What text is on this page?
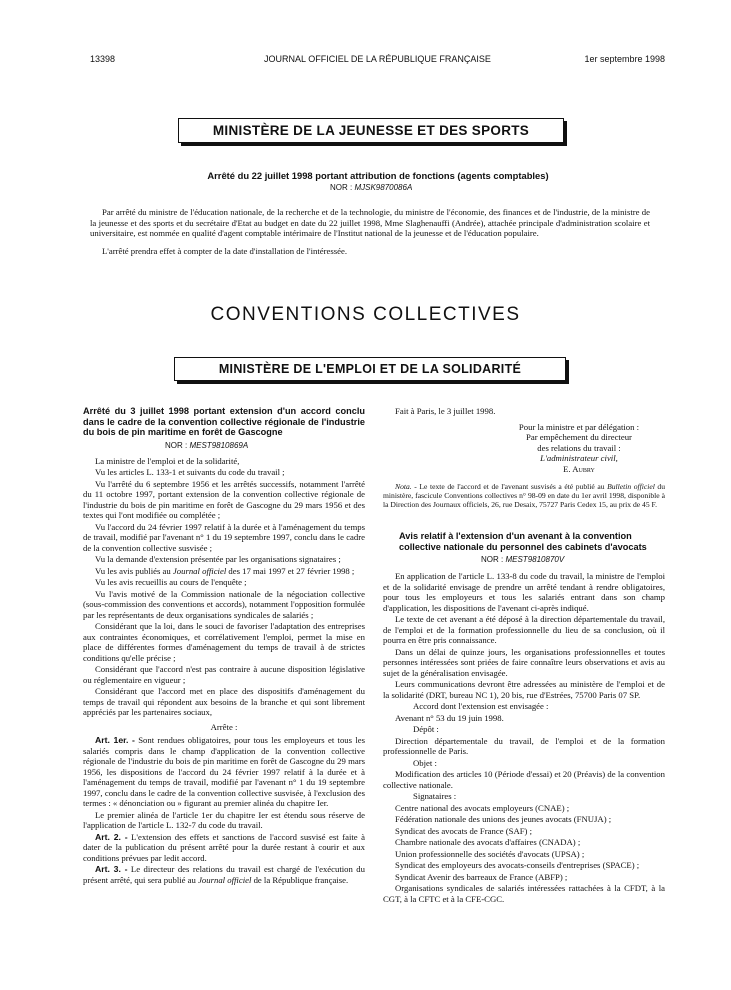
13398	JOURNAL OFFICIEL DE LA RÉPUBLIQUE FRANÇAISE	1er septembre 1998
MINISTÈRE DE LA JEUNESSE ET DES SPORTS
Arrêté du 22 juillet 1998 portant attribution de fonctions (agents comptables)
NOR : MJSK9870086A
Par arrêté du ministre de l'éducation nationale, de la recherche et de la technologie, du ministre de l'économie, des finances et de l'industrie, de la ministre de la jeunesse et des sports et du secrétaire d'Etat au budget en date du 22 juillet 1998, Mme Slaghenauffi (Andrée), attachée principale d'administration scolaire et universitaire, est nommée en qualité d'agent comptable intérimaire de l'Institut national de la jeunesse et de l'éducation populaire.
L'arrêté prendra effet à compter de la date d'installation de l'intéressée.
CONVENTIONS COLLECTIVES
MINISTÈRE DE L'EMPLOI ET DE LA SOLIDARITÉ
Arrêté du 3 juillet 1998 portant extension d'un accord conclu dans le cadre de la convention collective régionale de l'industrie du bois de pin maritime en forêt de Gascogne
NOR : MEST9810869A
La ministre de l'emploi et de la solidarité,
Vu les articles L. 133-1 et suivants du code du travail ;
Vu l'arrêté du 6 septembre 1956 et les arrêtés successifs, notamment l'arrêté du 11 octobre 1997, portant extension de la convention collective régionale de l'industrie du bois de pin maritime en forêt de Gascogne du 29 mars 1956 et des textes qui l'ont modifiée ou complétée ;
Vu l'accord du 24 février 1997 relatif à la durée et à l'aménagement du temps de travail, modifié par l'avenant n° 1 du 19 septembre 1997, conclu dans le cadre de la convention collective susvisée ;
Vu la demande d'extension présentée par les organisations signataires ;
Vu les avis publiés au Journal officiel des 17 mai 1997 et 27 février 1998 ;
Vu les avis recueillis au cours de l'enquête ;
Vu l'avis motivé de la Commission nationale de la négociation collective (sous-commission des conventions et accords), notamment l'opposition formulée par les représentants de deux organisations syndicales de salariés ;
Considérant que la loi, dans le souci de favoriser l'adaptation des entreprises aux contraintes économiques, et corrélativement l'emploi, permet la mise en place de différentes formes d'aménagement du temps de travail à de strictes conditions qu'elle précise ;
Considérant que l'accord n'est pas contraire à aucune disposition législative ou réglementaire en vigueur ;
Considérant que l'accord met en place des dispositifs d'aménagement du temps de travail qui répondent aux besoins de la branche et qui sont librement appréciés par les partenaires sociaux,
Arrête :
Art. 1er. - Sont rendues obligatoires, pour tous les employeurs et tous les salariés compris dans le champ d'application de la convention collective régionale de l'industrie du bois de pin maritime en forêt de Gascogne du 29 mars 1956, les dispositions de l'accord du 24 février 1997 relatif à la durée et à l'aménagement du temps de travail, modifié par l'avenant n° 1 du 19 septembre 1997, conclu dans le cadre de la convention collective susvisée, à l'exclusion des termes : « dénonciation ou » figurant au premier alinéa du chapitre Ier.
Le premier alinéa de l'article 1er du chapitre Ier est étendu sous réserve de l'application de l'article L. 132-7 du code du travail.
Art. 2. - L'extension des effets et sanctions de l'accord susvisé est faite à dater de la publication du présent arrêté pour la durée restant à courir et aux conditions prévues par ledit accord.
Art. 3. - Le directeur des relations du travail est chargé de l'exécution du présent arrêté, qui sera publié au Journal officiel de la République française.
Fait à Paris, le 3 juillet 1998.
Pour la ministre et par délégation :
Par empêchement du directeur
des relations du travail :
L'administrateur civil,
E. Aubry
Nota. - Le texte de l'accord et de l'avenant susvisés a été publié au Bulletin officiel du ministère, fascicule Conventions collectives n° 98-09 en date du 1er avril 1998, disponible à la Direction des Journaux officiels, 26, rue Desaix, 75727 Paris Cedex 15, au prix de 45 F.
Avis relatif à l'extension d'un avenant à la convention collective nationale du personnel des cabinets d'avocats
NOR : MEST9810870V
En application de l'article L. 133-8 du code du travail, la ministre de l'emploi et de la solidarité envisage de prendre un arrêté tendant à rendre obligatoires, pour tous les employeurs et tous les salariés entrant dans son champ d'application, les dispositions de l'avenant ci-après indiqué.
Le texte de cet avenant a été déposé à la direction départementale du travail, de l'emploi et de la formation professionnelle du lieu de sa conclusion, où il pourra en être pris connaissance.
Dans un délai de quinze jours, les organisations professionnelles et toutes personnes intéressées sont priées de faire connaître leurs observations et avis au sujet de la généralisation envisagée.
Leurs communications devront être adressées au ministère de l'emploi et de la solidarité (DRT, bureau NC 1), 20 bis, rue d'Estrées, 75700 Paris 07 SP.
Accord dont l'extension est envisagée :
Avenant n° 53 du 19 juin 1998.
Dépôt :
Direction départementale du travail, de l'emploi et de la formation professionnelle de Paris.
Objet :
Modification des articles 10 (Période d'essai) et 20 (Préavis) de la convention collective nationale.
Signataires :
Centre national des avocats employeurs (CNAE) ;
Fédération nationale des unions des jeunes avocats (FNUJA) ;
Syndicat des avocats de France (SAF) ;
Chambre nationale des avocats d'affaires (CNADA) ;
Union professionnelle des sociétés d'avocats (UPSA) ;
Syndicat des employeurs des avocats-conseils d'entreprises (SPACE) ;
Syndicat Avenir des barreaux de France (ABFP) ;
Organisations syndicales de salariés intéressées rattachées à la CFDT, à la CGT, à la CFTC et à la CFE-CGC.
